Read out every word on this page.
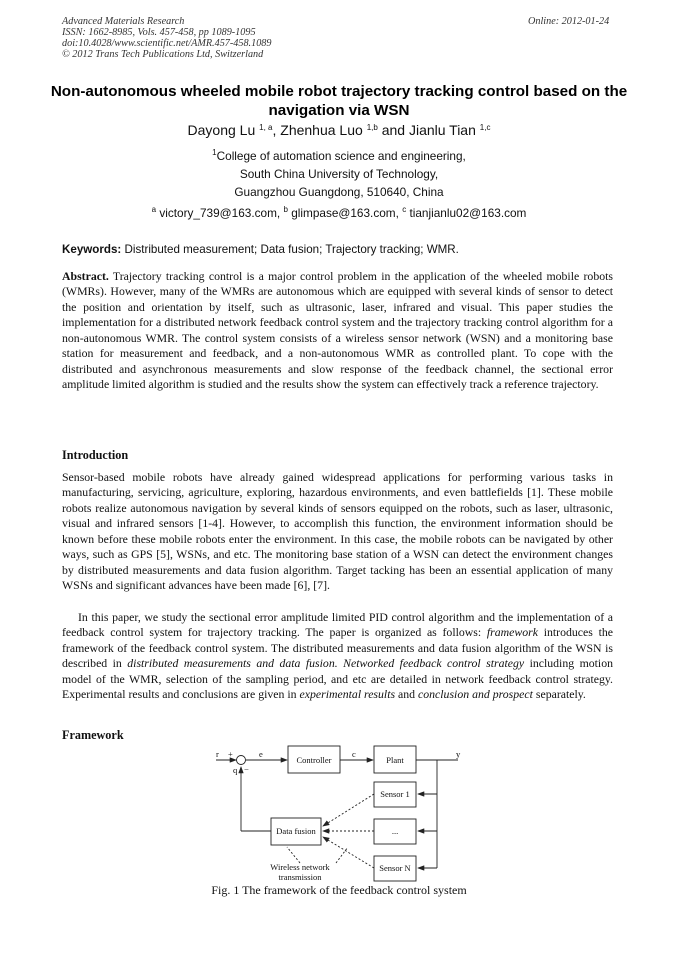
Advanced Materials Research
ISSN: 1662-8985, Vols. 457-458, pp 1089-1095
doi:10.4028/www.scientific.net/AMR.457-458.1089
© 2012 Trans Tech Publications Ltd, Switzerland
Online: 2012-01-24
Non-autonomous wheeled mobile robot trajectory tracking control based on the navigation via WSN
Dayong Lu $^{1, a}$, Zhenhua Luo $^{1,b}$ and Jianlu Tian $^{1,c}$
$^1$College of automation science and engineering,
South China University of Technology,
Guangzhou Guangdong, 510640, China
$^a$ victory_739@163.com, $^b$ glimpase@163.com, $^c$ tianjianlu02@163.com
Keywords: Distributed measurement; Data fusion; Trajectory tracking; WMR.
Abstract. Trajectory tracking control is a major control problem in the application of the wheeled mobile robots (WMRs). However, many of the WMRs are autonomous which are equipped with several kinds of sensor to detect the position and orientation by itself, such as ultrasonic, laser, infrared and visual. This paper studies the implementation for a distributed network feedback control system and the trajectory tracking control algorithm for a non-autonomous WMR. The control system consists of a wireless sensor network (WSN) and a monitoring base station for measurement and feedback, and a non-autonomous WMR as controlled plant. To cope with the distributed and asynchronous measurements and slow response of the feedback channel, the sectional error amplitude limited algorithm is studied and the results show the system can effectively track a reference trajectory.
Introduction
Sensor-based mobile robots have already gained widespread applications for performing various tasks in manufacturing, servicing, agriculture, exploring, hazardous environments, and even battlefields [1]. These mobile robots realize autonomous navigation by several kinds of sensors equipped on the robots, such as laser, ultrasonic, visual and infrared sensors [1-4]. However, to accomplish this function, the environment information should be known before these mobile robots enter the environment. In this case, the mobile robots can be navigated by other ways, such as GPS [5], WSNs, and etc. The monitoring base station of a WSN can detect the environment changes by distributed measurements and data fusion algorithm. Target tacking has been an essential application of many WSNs and significant advances have been made [6], [7].
In this paper, we study the sectional error amplitude limited PID control algorithm and the implementation of a feedback control system for trajectory tracking. The paper is organized as follows: framework introduces the framework of the feedback control system. The distributed measurements and data fusion algorithm of the WSN is described in distributed measurements and data fusion. Networked feedback control strategy including motion model of the WMR, selection of the sampling period, and etc are detailed in network feedback control strategy. Experimental results and conclusions are given in experimental results and conclusion and prospect separately.
Framework
r +
−
q
e	c	y
Controller	Plant
Sensor 1
...
Sensor N
Data fusion
Wireless network
transmission
Fig. 1 The framework of the feedback control system
